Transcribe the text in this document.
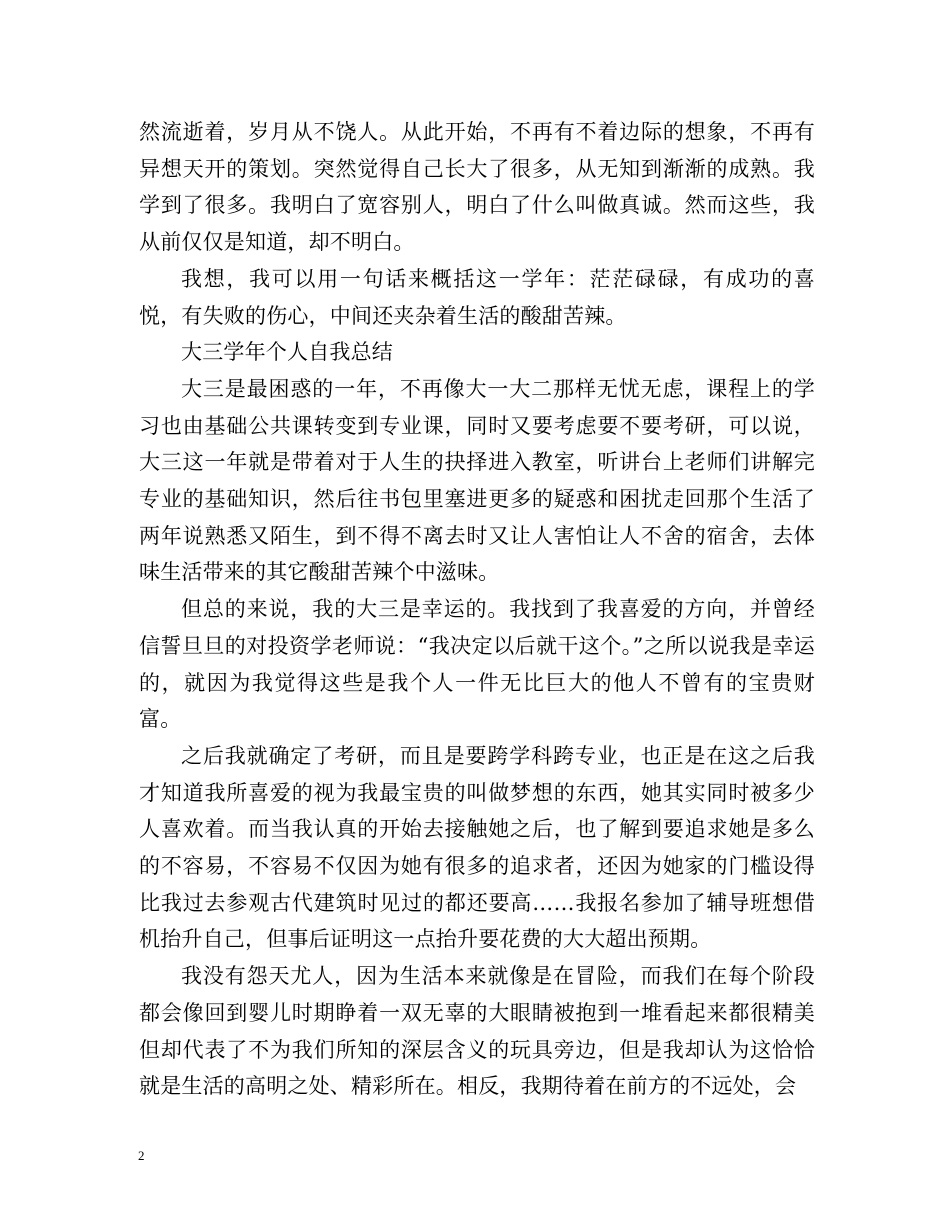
然流逝着，岁月从不饶人。从此开始，不再有不着边际的想象，不再有异想天开的策划。突然觉得自己长大了很多，从无知到渐渐的成熟。我学到了很多。我明白了宽容别人，明白了什么叫做真诚。然而这些，我从前仅仅是知道，却不明白。

我想，我可以用一句话来概括这一学年：茫茫碌碌，有成功的喜悦，有失败的伤心，中间还夹杂着生活的酸甜苦辣。

大三学年个人自我总结

大三是最困惑的一年，不再像大一大二那样无忧无虑，课程上的学习也由基础公共课转变到专业课，同时又要考虑要不要考研，可以说，大三这一年就是带着对于人生的抉择进入教室，听讲台上老师们讲解完专业的基础知识，然后往书包里塞进更多的疑惑和困扰走回那个生活了两年说熟悉又陌生，到不得不离去时又让人害怕让人不舍的宿舍，去体味生活带来的其它酸甜苦辣个中滋味。

但总的来说，我的大三是幸运的。我找到了我喜爱的方向，并曾经信誓旦旦的对投资学老师说：“我决定以后就干这个。”之所以说我是幸运的，就因为我觉得这些是我个人一件无比巨大的他人不曾有的宝贵财富。

之后我就确定了考研，而且是要跨学科跨专业，也正是在这之后我才知道我所喜爱的视为我最宝贵的叫做梦想的东西，她其实同时被多少人喜欢着。而当我认真的开始去接触她之后，也了解到要追求她是多么的不容易，不容易不仅因为她有很多的追求者，还因为她家的门槛设得比我过去参观古代建筑时见过的都还要高……我报名参加了辅导班想借机抬升自己，但事后证明这一点抬升要花费的大大超出预期。

我没有怨天尤人，因为生活本来就像是在冒险，而我们在每个阶段都会像回到婴儿时期睁着一双无辜的大眼睛被抱到一堆看起来都很精美但却代表了不为我们所知的深层含义的玩具旁边，但是我却认为这恰恰就是生活的高明之处、精彩所在。相反，我期待着在前方的不远处，会

2
